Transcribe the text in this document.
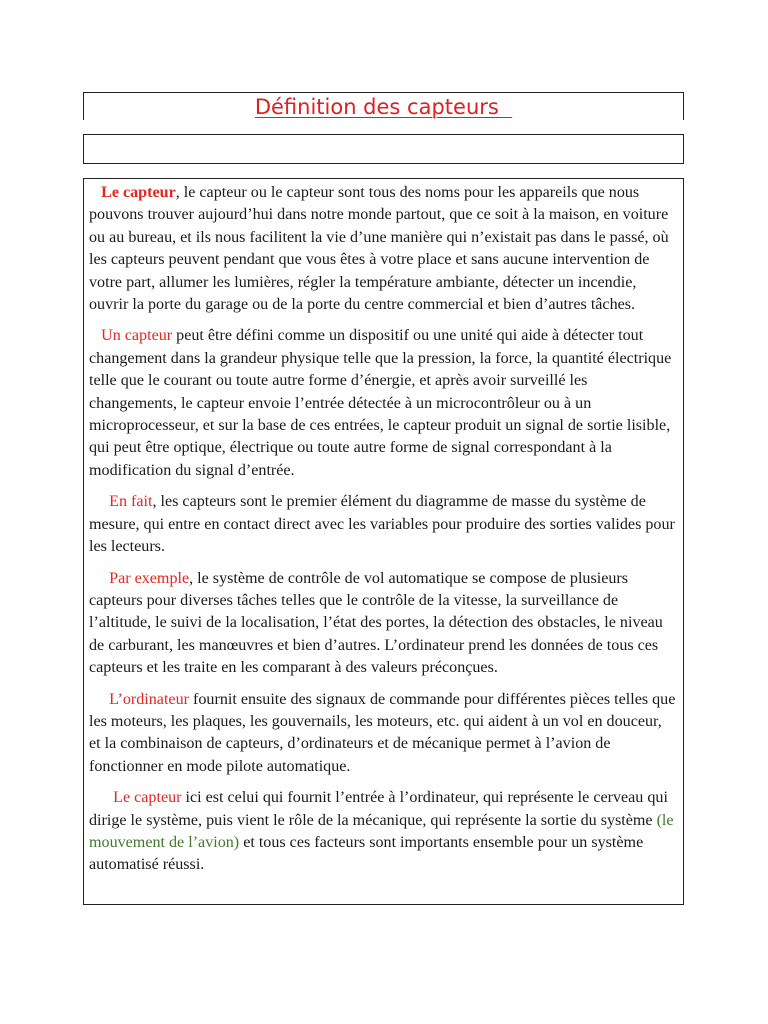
Définition des capteurs

Le capteur, le capteur ou le capteur sont tous des noms pour les appareils que nous pouvons trouver aujourd’hui dans notre monde partout, que ce soit à la maison, en voiture ou au bureau, et ils nous facilitent la vie d’une manière qui n’existait pas dans le passé, où les capteurs peuvent pendant que vous êtes à votre place et sans aucune intervention de votre part, allumer les lumières, régler la température ambiante, détecter un incendie, ouvrir la porte du garage ou de la porte du centre commercial et bien d’autres tâches.

Un capteur peut être défini comme un dispositif ou une unité qui aide à détecter tout changement dans la grandeur physique telle que la pression, la force, la quantité électrique telle que le courant ou toute autre forme d’énergie, et après avoir surveillé les changements, le capteur envoie l’entrée détectée à un microcontrôleur ou à un microprocesseur, et sur la base de ces entrées, le capteur produit un signal de sortie lisible, qui peut être optique, électrique ou toute autre forme de signal correspondant à la modification du signal d’entrée.

En fait, les capteurs sont le premier élément du diagramme de masse du système de mesure, qui entre en contact direct avec les variables pour produire des sorties valides pour les lecteurs.

Par exemple, le système de contrôle de vol automatique se compose de plusieurs capteurs pour diverses tâches telles que le contrôle de la vitesse, la surveillance de l’altitude, le suivi de la localisation, l’état des portes, la détection des obstacles, le niveau de carburant, les manœuvres et bien d’autres. L’ordinateur prend les données de tous ces capteurs et les traite en les comparant à des valeurs préconçues.

L’ordinateur fournit ensuite des signaux de commande pour différentes pièces telles que les moteurs, les plaques, les gouvernails, les moteurs, etc. qui aident à un vol en douceur, et la combinaison de capteurs, d’ordinateurs et de mécanique permet à l’avion de fonctionner en mode pilote automatique.

Le capteur ici est celui qui fournit l’entrée à l’ordinateur, qui représente le cerveau qui dirige le système, puis vient le rôle de la mécanique, qui représente la sortie du système (le mouvement de l’avion) et tous ces facteurs sont importants ensemble pour un système automatisé réussi.
